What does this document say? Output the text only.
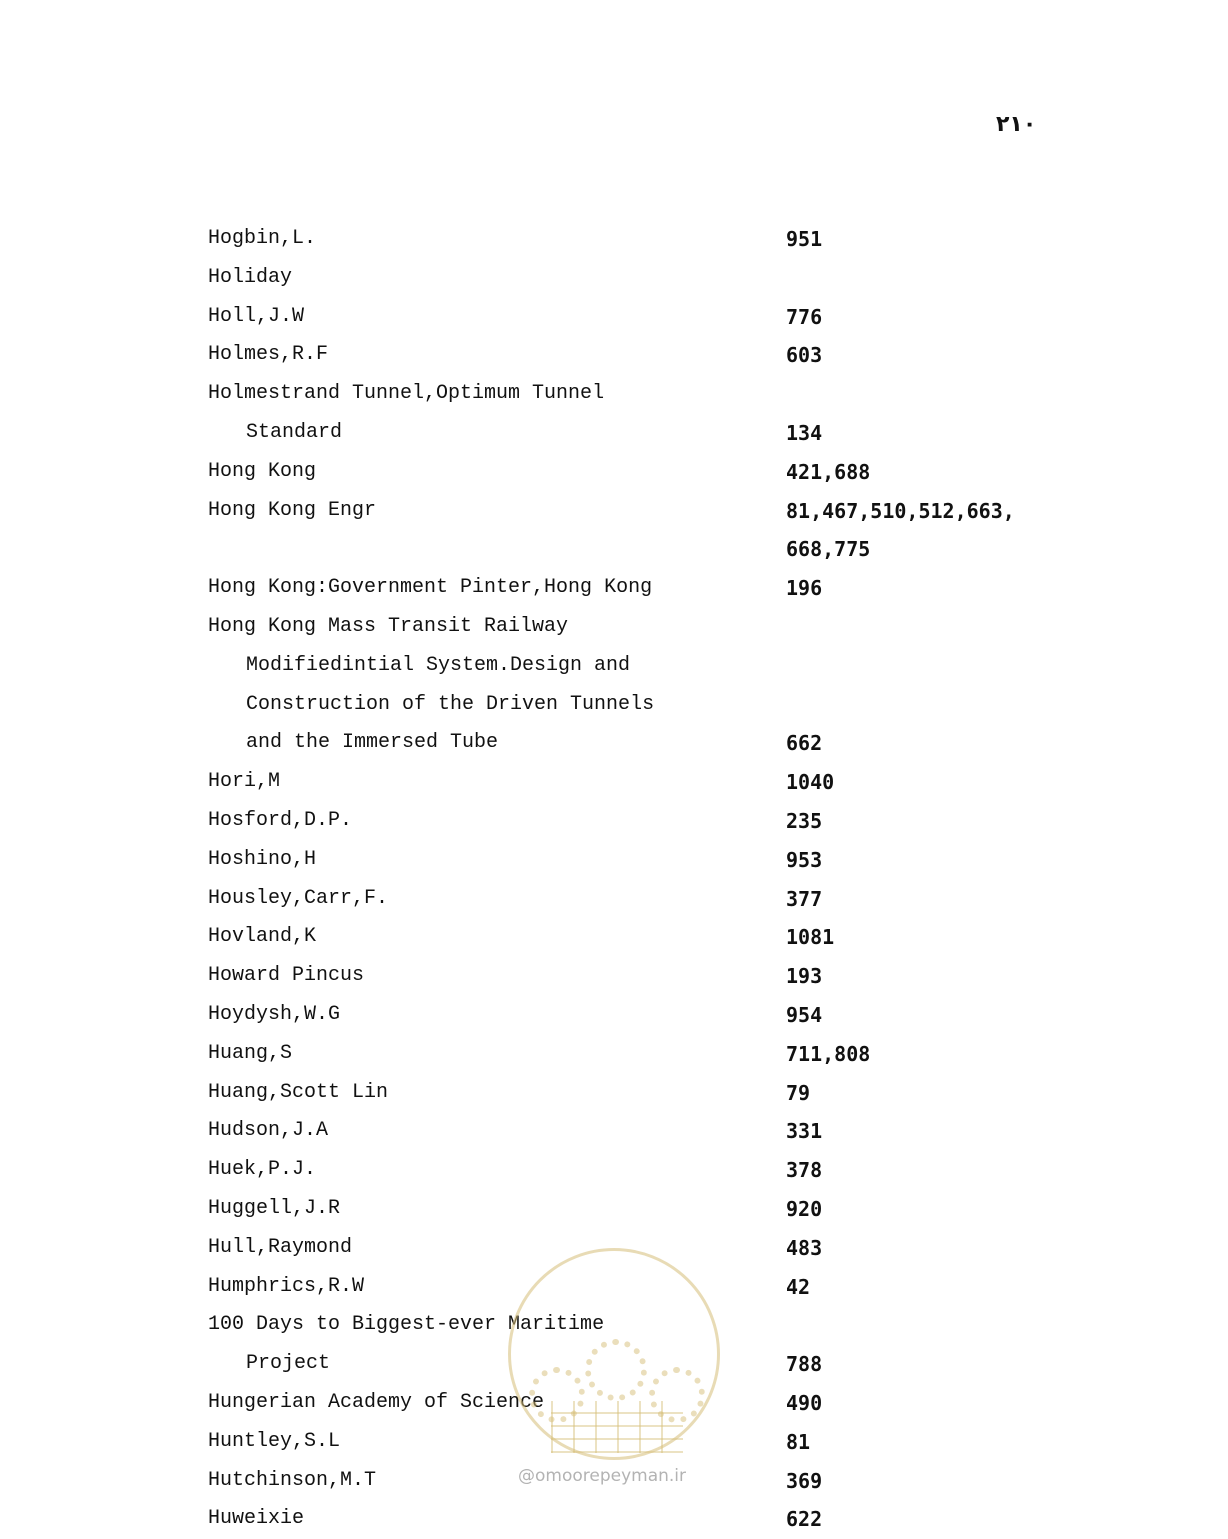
۲۱۰
Hogbin,L.	951
Holiday
Holl,J.W	776
Holmes,R.F	603
Holmestrand Tunnel,Optimum Tunnel
Standard	134
Hong Kong	421,688
Hong Kong Engr	81,467,510,512,663,
668,775
Hong Kong:Government Pinter,Hong Kong	196
Hong Kong Mass Transit Railway
Modifiedintial System.Design and
Construction of the Driven Tunnels
and the Immersed Tube	662
Hori,M	1040
Hosford,D.P.	235
Hoshino,H	953
Housley,Carr,F.	377
Hovland,K	1081
Howard Pincus	193
Hoydysh,W.G	954
Huang,S	711,808
Huang,Scott Lin	79
Hudson,J.A	331
Huek,P.J.	378
Huggell,J.R	920
Hull,Raymond	483
Humphrics,R.W	42
100 Days to Biggest-ever Maritime
Project	788
Hungerian Academy of Science	490
Huntley,S.L	81
Hutchinson,M.T	369
Huweixie	622
@omoorepeyman.ir
